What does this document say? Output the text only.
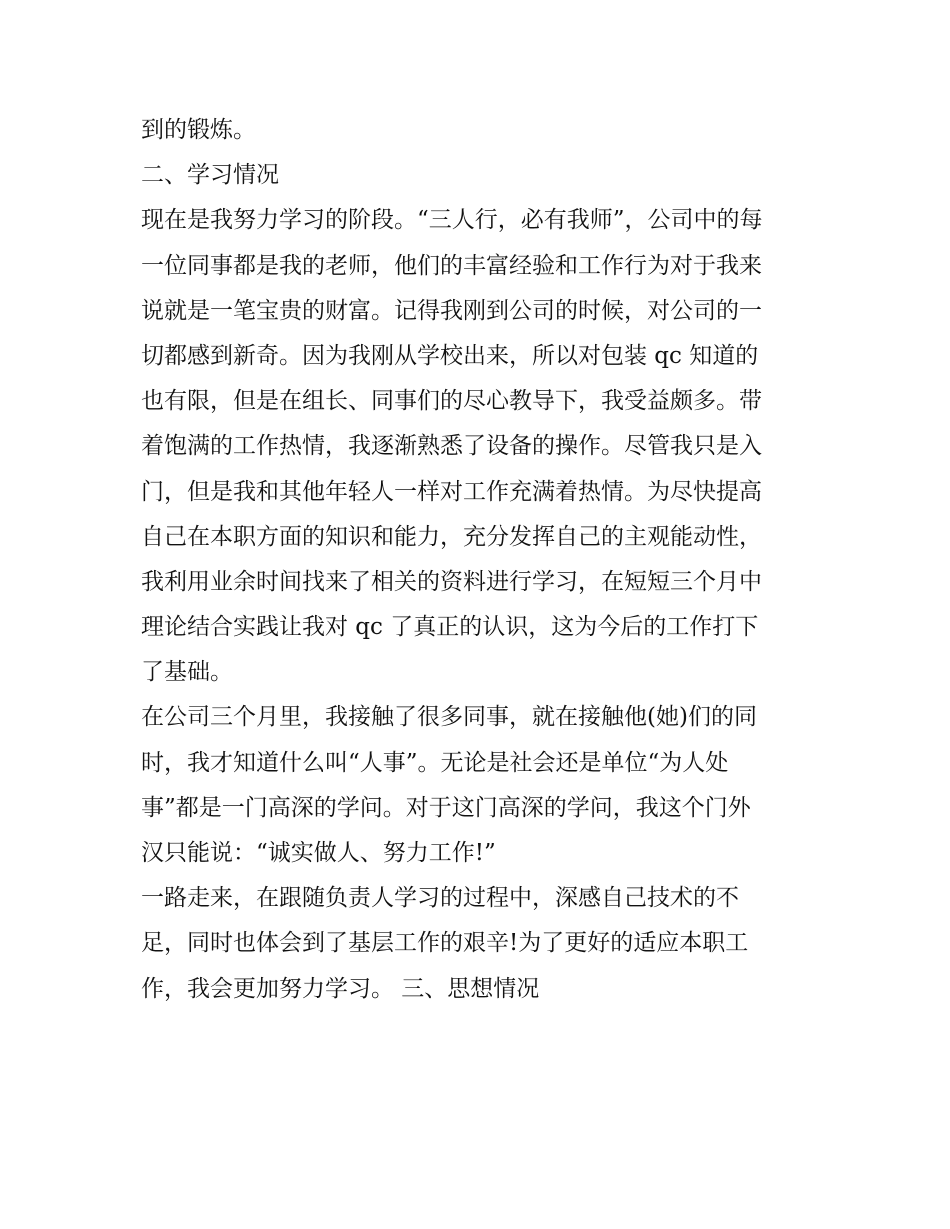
到的锻炼。
二、学习情况
现在是我努力学习的阶段。“三人行，必有我师”，公司中的每
一位同事都是我的老师，他们的丰富经验和工作行为对于我来
说就是一笔宝贵的财富。记得我刚到公司的时候，对公司的一
切都感到新奇。因为我刚从学校出来，所以对包装 qc 知道的
也有限，但是在组长、同事们的尽心教导下，我受益颇多。带
着饱满的工作热情，我逐渐熟悉了设备的操作。尽管我只是入
门，但是我和其他年轻人一样对工作充满着热情。为尽快提高
自己在本职方面的知识和能力，充分发挥自己的主观能动性，
我利用业余时间找来了相关的资料进行学习，在短短三个月中
理论结合实践让我对 qc 了真正的认识，这为今后的工作打下
了基础。
在公司三个月里，我接触了很多同事，就在接触他(她)们的同
时，我才知道什么叫“人事”。无论是社会还是单位“为人处
事”都是一门高深的学问。对于这门高深的学问，我这个门外
汉只能说：“诚实做人、努力工作!”
一路走来，在跟随负责人学习的过程中，深感自己技术的不
足，同时也体会到了基层工作的艰辛!为了更好的适应本职工
作，我会更加努力学习。 三、思想情况
